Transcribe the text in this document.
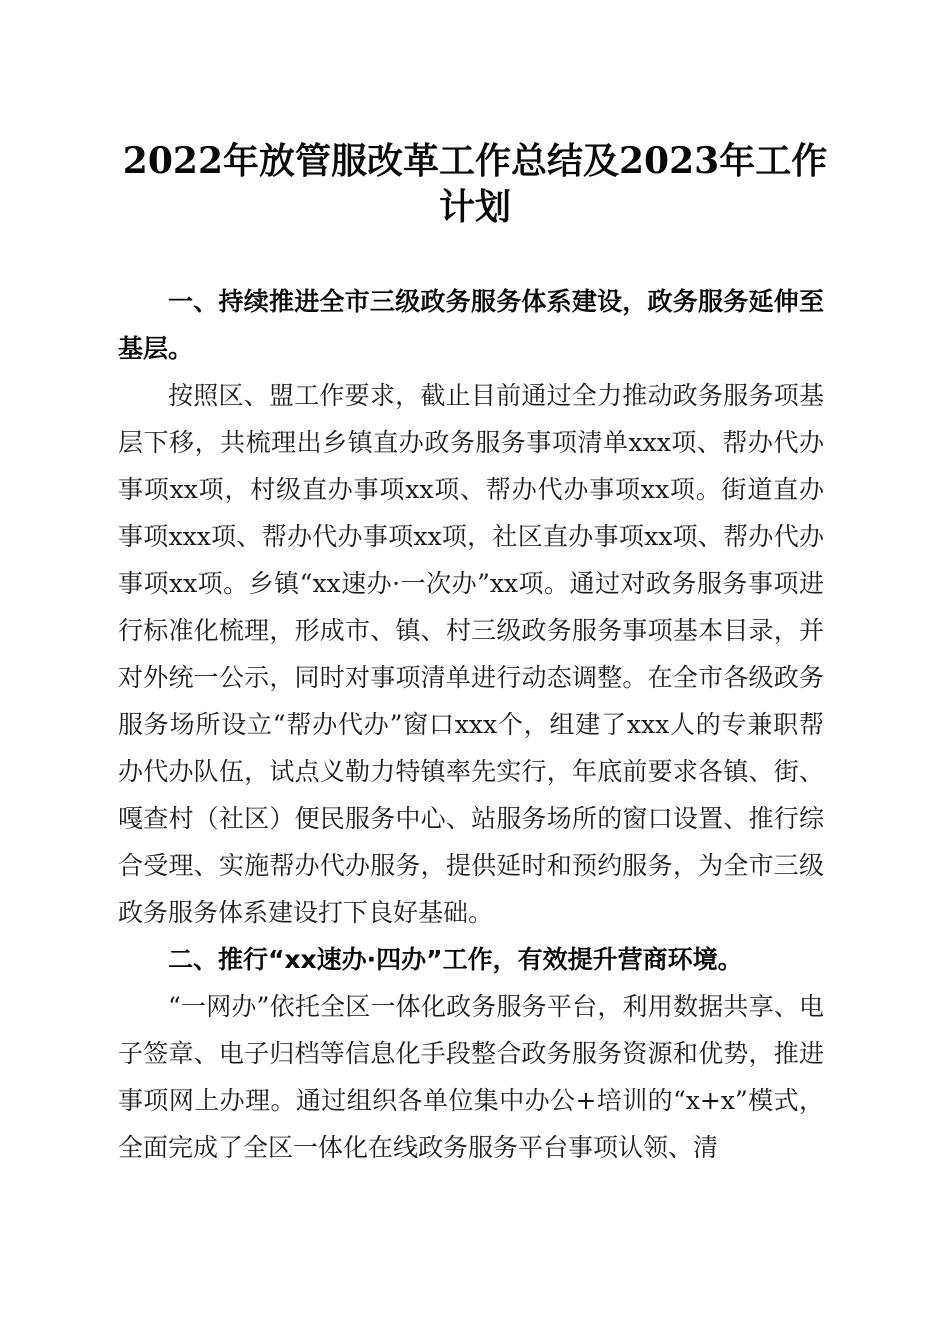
2022年放管服改革工作总结及2023年工作计划

一、持续推进全市三级政务服务体系建设，政务服务延伸至基层。

按照区、盟工作要求，截止目前通过全力推动政务服务项基层下移，共梳理出乡镇直办政务服务事项清单xxx项、帮办代办事项xx项，村级直办事项xx项、帮办代办事项xx项。街道直办事项xxx项、帮办代办事项xx项，社区直办事项xx项、帮办代办事项xx项。乡镇“xx速办·一次办”xx项。通过对政务服务事项进行标准化梳理，形成市、镇、村三级政务服务事项基本目录，并对外统一公示，同时对事项清单进行动态调整。在全市各级政务服务场所设立“帮办代办”窗口xxx个，组建了xxx人的专兼职帮办代办队伍，试点义勒力特镇率先实行，年底前要求各镇、街、嘎查村（社区）便民服务中心、站服务场所的窗口设置、推行综合受理、实施帮办代办服务，提供延时和预约服务，为全市三级政务服务体系建设打下良好基础。

二、推行“xx速办·四办”工作，有效提升营商环境。

“一网办”依托全区一体化政务服务平台，利用数据共享、电子签章、电子归档等信息化手段整合政务服务资源和优势，推进事项网上办理。通过组织各单位集中办公+培训的“x+x”模式，全面完成了全区一体化在线政务服务平台事项认领、清
